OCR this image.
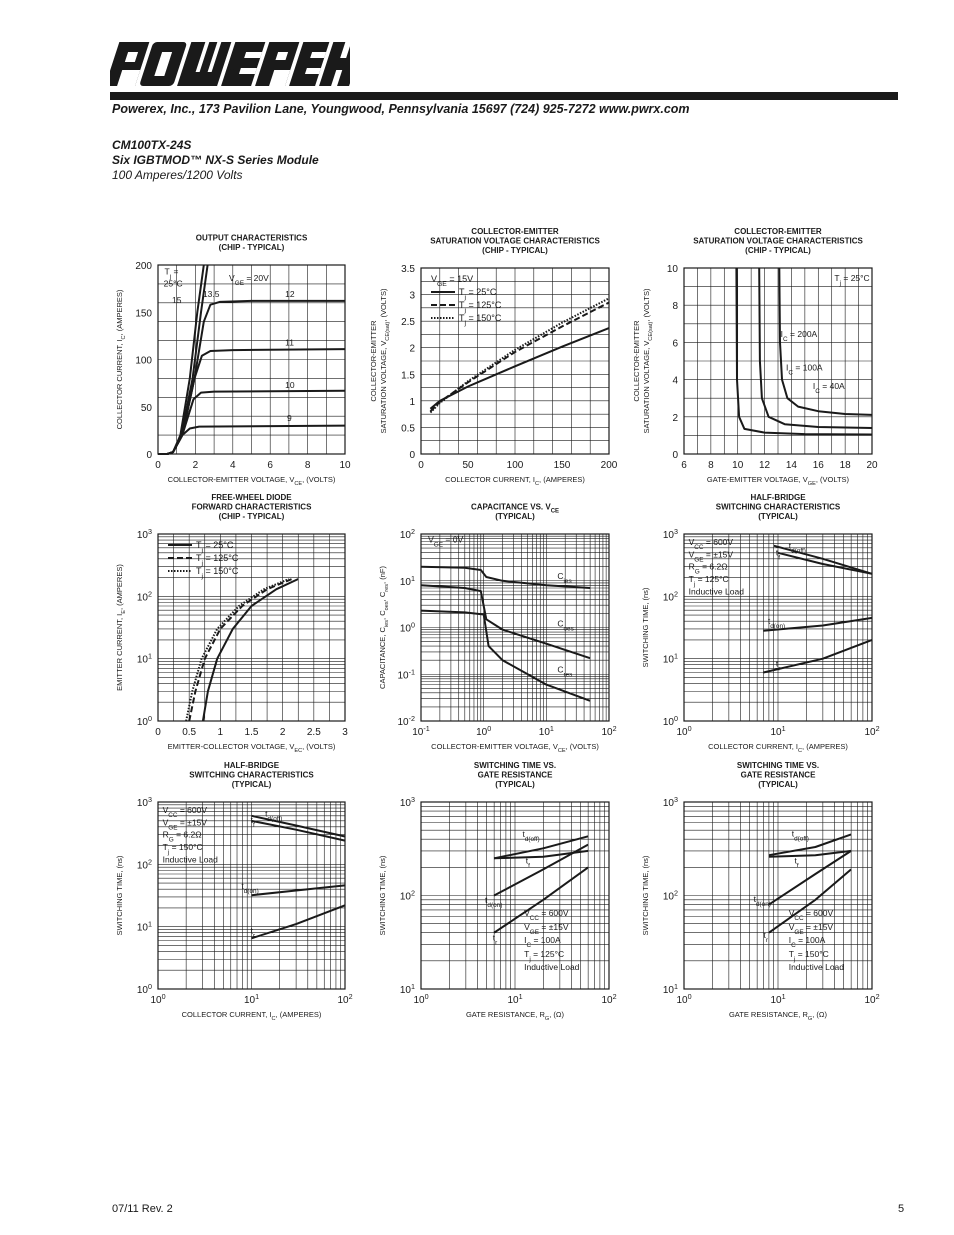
POWEREX
Powerex, Inc., 173 Pavilion Lane, Youngwood, Pennsylvania 15697 (724) 925-7272 www.pwrx.com
CM100TX-24S
Six IGBTMOD™ NX-S Series Module
100 Amperes/1200 Volts
0	2	4	6	8	10
0
50
100
150
200
OUTPUT CHARACTERISTICS
(CHIP - TYPICAL)
COLLECTOR-EMITTER VOLTAGE, $V_{CE}$, (VOLTS)
COLLECTOR CURRENT, $I_C$, (AMPERES)
$T_j$ =
25°C
15
13.5
$V_{GE} = 20V$
12
11
10
9
0	50	100	150	200
0
0.5
1
1.5
2
2.5
3
3.5
COLLECTOR-EMITTER
SATURATION VOLTAGE CHARACTERISTICS
(CHIP - TYPICAL)
COLLECTOR CURRENT, $I_C$, (AMPERES)
COLLECTOR-EMITTER SATURATION VOLTAGE, $V_{CE(sat)}$, (VOLTS)
$V_{GE} = 15V$
$T_j = 25^\circ C$
$T_j = 125^\circ C$
$T_j = 150^\circ C$
6 8 10 12 14 16 18 20
0
2
4
6
8
10
COLLECTOR-EMITTER
SATURATION VOLTAGE CHARACTERISTICS
(CHIP - TYPICAL)
GATE-EMITTER VOLTAGE, $V_{GE}$, (VOLTS)
COLLECTOR-EMITTER SATURATION VOLTAGE, $V_{CE(sat)}$, (VOLTS)
$T_j = 25^\circ C$
$I_C = 200A$
$I_C = 100A$
$I_C = 40A$
0 0.5 1 1.5 2 2.5 3
$10^0$
$10^1$
$10^2$
$10^3$
FREE-WHEEL DIODE
FORWARD CHARACTERISTICS
(CHIP - TYPICAL)
EMITTER-COLLECTOR VOLTAGE, $V_{EC}$, (VOLTS)
EMITTER CURRENT, $I_E$, (AMPERES)
$T_j = 25^\circ C$
$T_j = 125^\circ C$
$T_j = 150^\circ C$
$10^{-1}$	$10^0$	$10^1$	$10^2$
$10^{-2}$
$10^{-1}$
$10^0$
$10^1$
$10^2$
CAPACITANCE VS. $V_{CE}$
(TYPICAL)
COLLECTOR-EMITTER VOLTAGE, $V_{CE}$, (VOLTS)
CAPACITANCE, $C_{ies}$, $C_{oes}$, $C_{res}$, (nF)
$V_{GE} = 0V$
$C_{ies}$
$C_{oes}$
$C_{res}$
$10^0$	$10^1$	$10^2$
$10^0$
$10^1$
$10^2$
$10^3$
HALF-BRIDGE
SWITCHING CHARACTERISTICS
(TYPICAL)
COLLECTOR CURRENT, $I_C$, (AMPERES)
SWITCHING TIME, (ns)
$V_{CC} = 600V$
$V_{GE} = \pm 15V$
$R_G = 6.2\Omega$
$T_j = 125^\circ C$
Inductive Load
$t_{d(off)}$
$t_f$
$t_{d(on)}$
$t_r$
$10^0$	$10^1$	$10^2$
$10^0$
$10^1$
$10^2$
$10^3$
HALF-BRIDGE
SWITCHING CHARACTERISTICS
(TYPICAL)
COLLECTOR CURRENT, $I_C$, (AMPERES)
SWITCHING TIME, (ns)
$V_{CC} = 600V$
$V_{GE} = \pm 15V$
$R_G = 6.2\Omega$
$T_j = 150^\circ C$
Inductive Load
$t_{d(off)}$
$t_f$
$t_{d(on)}$
$t_r$
$10^0$	$10^1$	$10^2$
$10^1$
$10^2$
$10^3$
SWITCHING TIME VS.
GATE RESISTANCE
(TYPICAL)
GATE RESISTANCE, $R_G$, (Ω)
SWITCHING TIME, (ns)
$t_{d(off)}$
$t_f$
$t_{d(on)}$
$t_r$
$V_{CC} = 600V$
$V_{GE} = \pm 15V$
$I_C = 100A$
$T_j = 125^\circ C$
Inductive Load
$10^0$	$10^1$	$10^2$
$10^1$
$10^2$
$10^3$
SWITCHING TIME VS.
GATE RESISTANCE
(TYPICAL)
GATE RESISTANCE, $R_G$, (Ω)
SWITCHING TIME, (ns)
$t_{d(off)}$
$t_f$
$t_{d(on)}$
$t_r$
$V_{CC} = 600V$
$V_{GE} = \pm 15V$
$I_C = 100A$
$T_j = 150^\circ C$
Inductive Load
07/11 Rev. 2	5
